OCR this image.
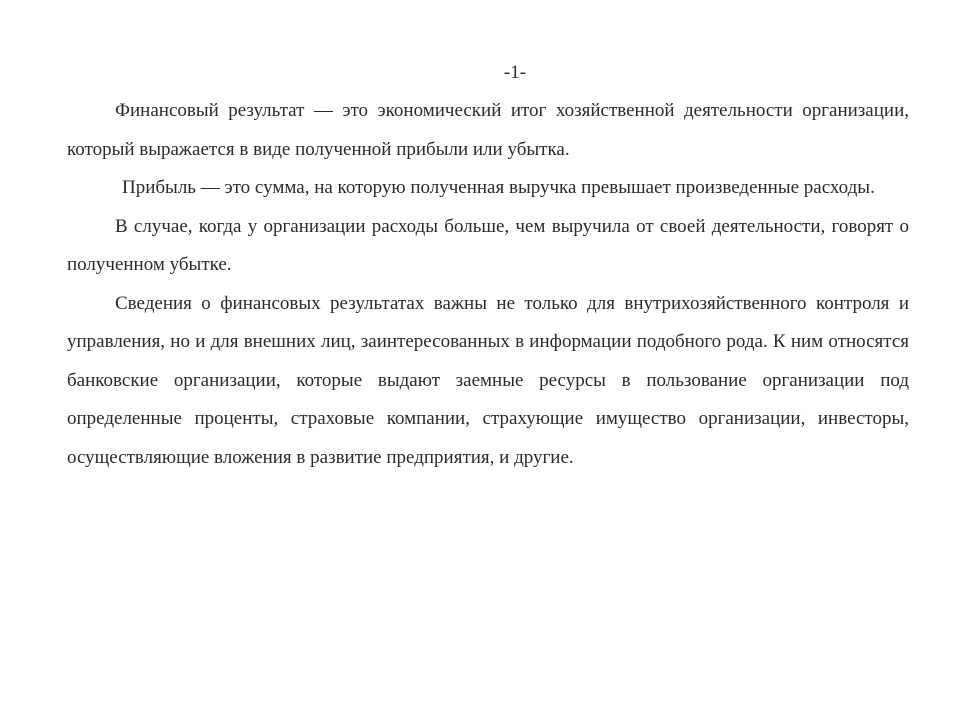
-1-

Финансовый результат — это экономический итог хозяйственной деятельности организации, который выражается в виде полученной прибыли или убытка.

Прибыль — это сумма, на которую полученная выручка превышает произведенные расходы.

В случае, когда у организации расходы больше, чем выручила от своей деятельности, говорят о полученном убытке.

Сведения о финансовых результатах важны не только для внутрихозяйственного контроля и управления, но и для внешних лиц, заинтересованных в информации подобного рода. К ним относятся банковские организации, которые выдают заемные ресурсы в пользование организации под определенные проценты, страховые компании, страхующие имущество организации, инвесторы, осуществляющие вложения в развитие предприятия, и другие.
